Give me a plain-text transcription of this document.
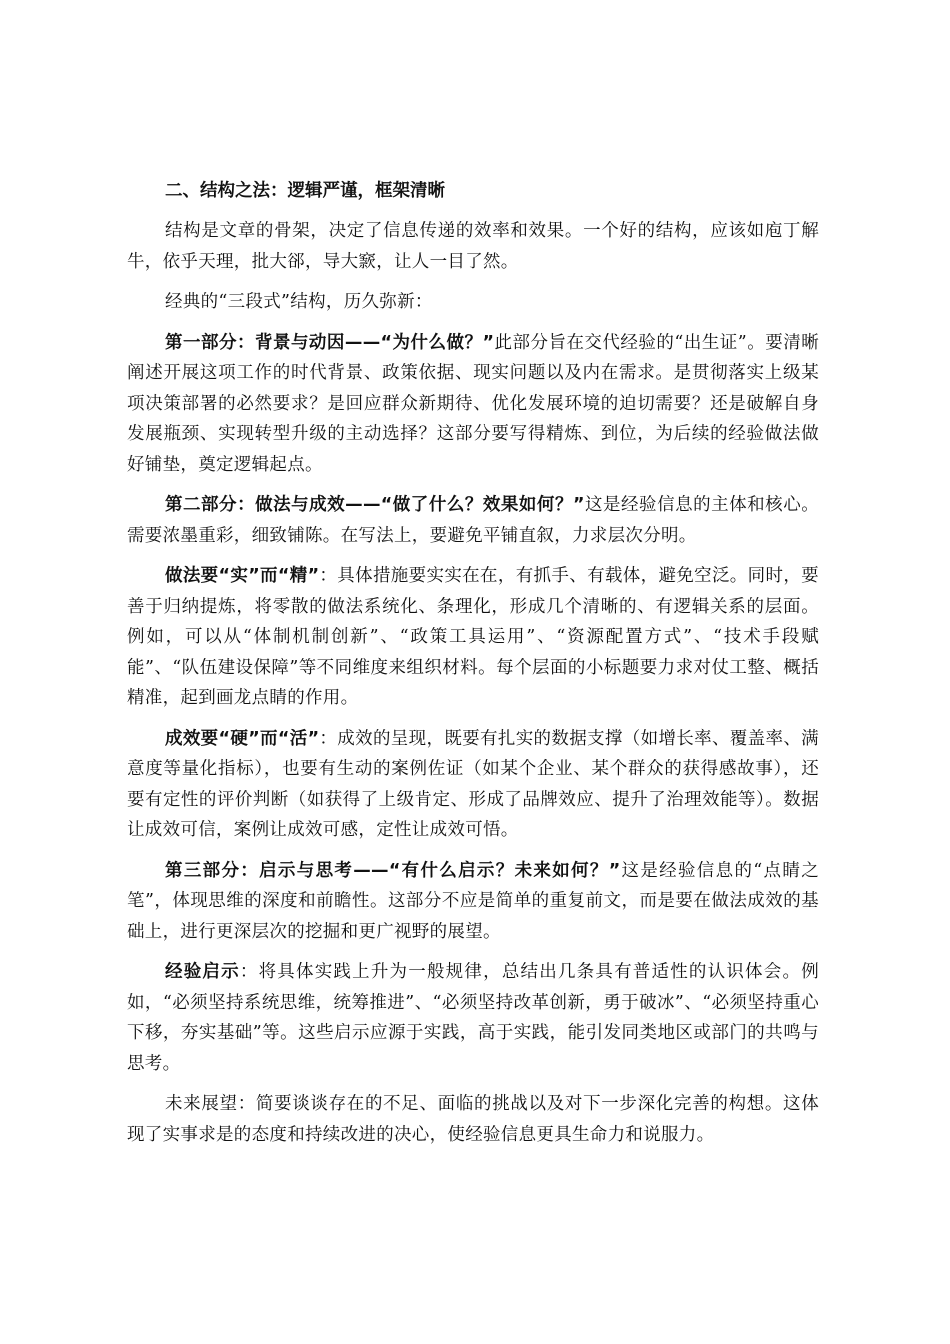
二、结构之法：逻辑严谨，框架清晰

结构是文章的骨架，决定了信息传递的效率和效果。一个好的结构，应该如庖丁解牛，依乎天理，批大郤，导大窾，让人一目了然。

经典的“三段式”结构，历久弥新：

第一部分：背景与动因——“为什么做？”此部分旨在交代经验的“出生证”。要清晰阐述开展这项工作的时代背景、政策依据、现实问题以及内在需求。是贯彻落实上级某项决策部署的必然要求？是回应群众新期待、优化发展环境的迫切需要？还是破解自身发展瓶颈、实现转型升级的主动选择？这部分要写得精炼、到位，为后续的经验做法做好铺垫，奠定逻辑起点。

第二部分：做法与成效——“做了什么？效果如何？”这是经验信息的主体和核心。需要浓墨重彩，细致铺陈。在写法上，要避免平铺直叙，力求层次分明。

做法要“实”而“精”：具体措施要实实在在，有抓手、有载体，避免空泛。同时，要善于归纳提炼，将零散的做法系统化、条理化，形成几个清晰的、有逻辑关系的层面。例如，可以从“体制机制创新”、“政策工具运用”、“资源配置方式”、“技术手段赋能”、“队伍建设保障”等不同维度来组织材料。每个层面的小标题要力求对仗工整、概括精准，起到画龙点睛的作用。

成效要“硬”而“活”：成效的呈现，既要有扎实的数据支撑（如增长率、覆盖率、满意度等量化指标），也要有生动的案例佐证（如某个企业、某个群众的获得感故事），还要有定性的评价判断（如获得了上级肯定、形成了品牌效应、提升了治理效能等）。数据让成效可信，案例让成效可感，定性让成效可悟。

第三部分：启示与思考——“有什么启示？未来如何？”这是经验信息的“点睛之笔”，体现思维的深度和前瞻性。这部分不应是简单的重复前文，而是要在做法成效的基础上，进行更深层次的挖掘和更广视野的展望。

经验启示：将具体实践上升为一般规律，总结出几条具有普适性的认识体会。例如，“必须坚持系统思维，统筹推进”、“必须坚持改革创新，勇于破冰”、“必须坚持重心下移，夯实基础”等。这些启示应源于实践，高于实践，能引发同类地区或部门的共鸣与思考。

未来展望：简要谈谈存在的不足、面临的挑战以及对下一步深化完善的构想。这体现了实事求是的态度和持续改进的决心，使经验信息更具生命力和说服力。
